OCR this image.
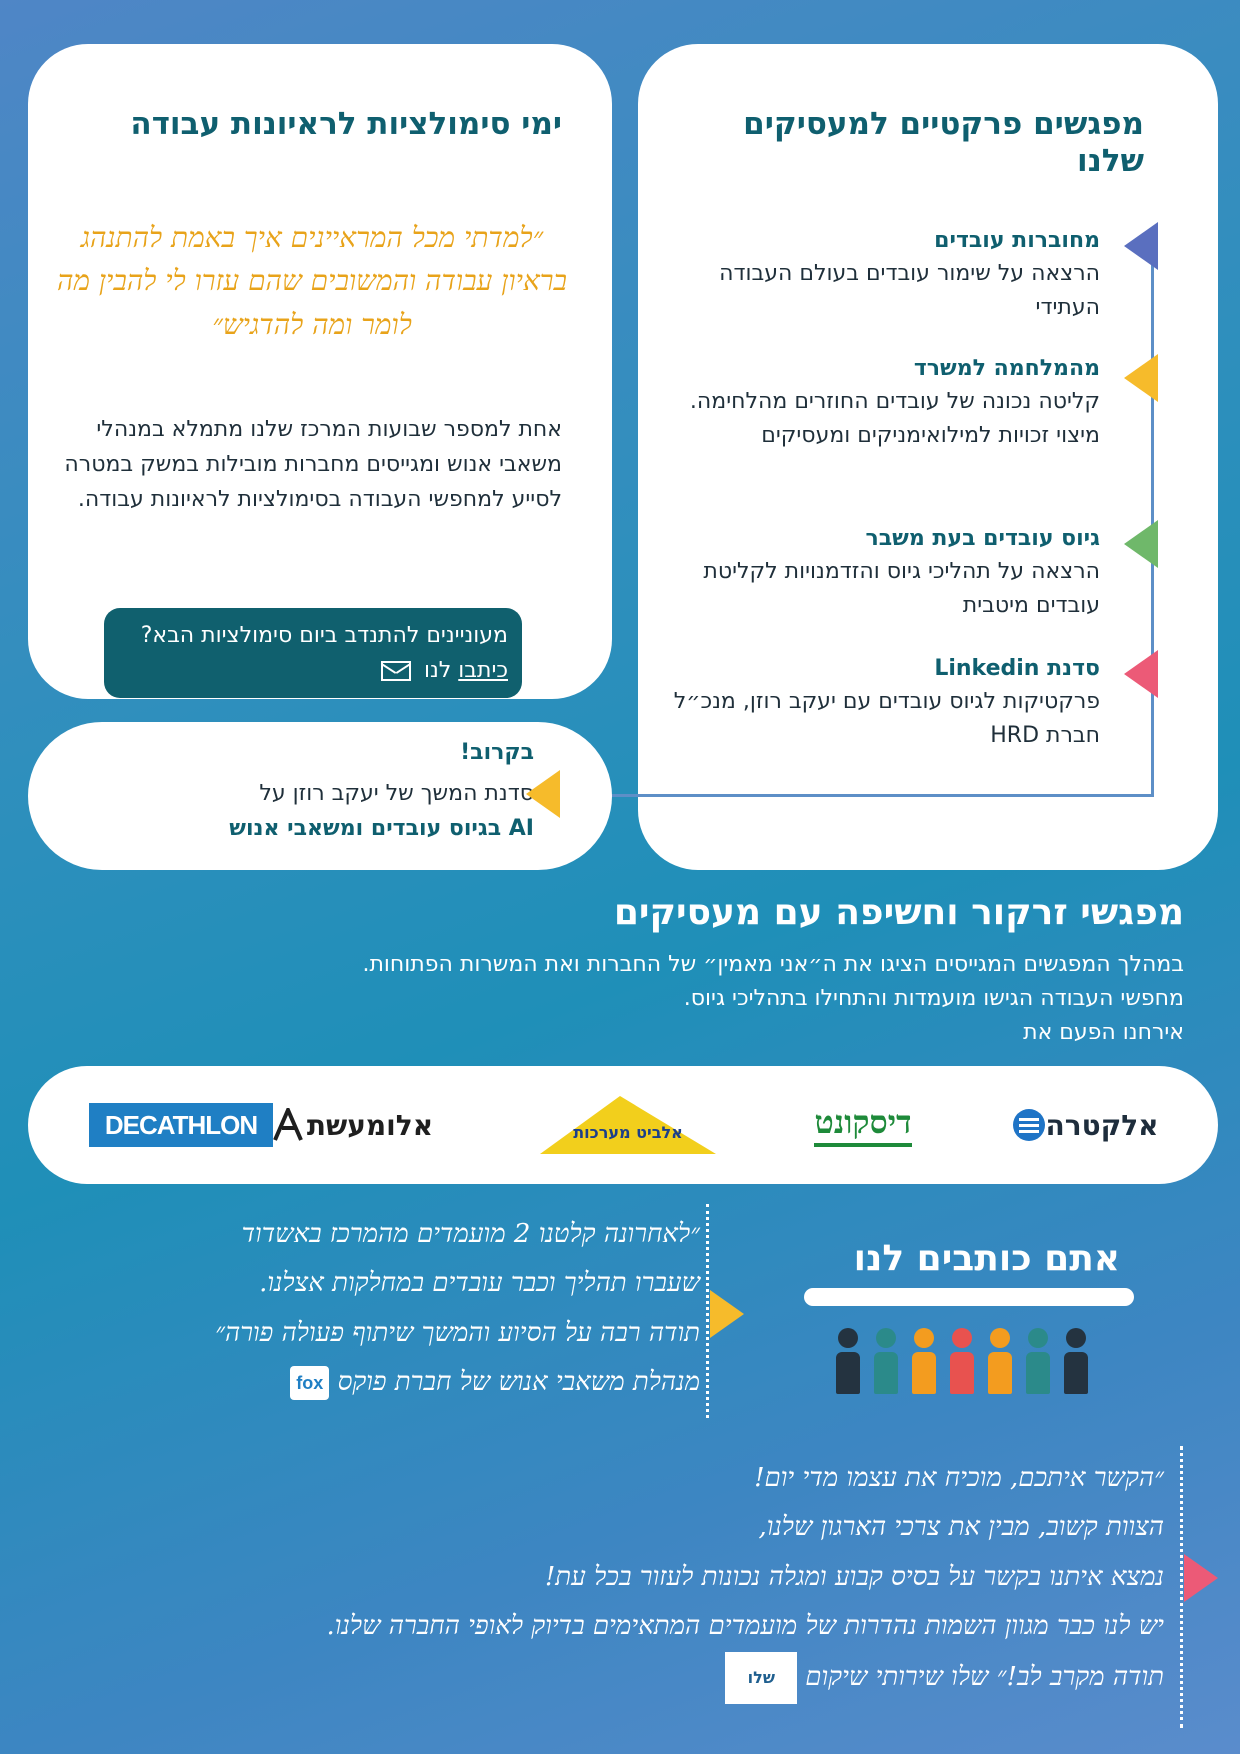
מפגשים פרקטיים למעסיקים שלנו
מחוברות עובדים
הרצאה על שימור עובדים בעולם העבודה העתידי
מהמלחמה למשרד
קליטה נכונה של עובדים החוזרים מהלחימה. מיצוי זכויות למילואימניקים ומעסיקים
גיוס עובדים בעת משבר
הרצאה על תהליכי גיוס והזדמנויות לקליטת עובדים מיטבית
סדנת Linkedin
פרקטיקות לגיוס עובדים עם יעקב רוזן, מנכ״ל חברת HRD
ימי סימולציות לראיונות עבודה
״למדתי מכל המראיינים איך באמת להתנהג בראיון עבודה והמשובים שהם עזרו לי להבין מה לומר ומה להדגיש״
אחת למספר שבועות המרכז שלנו מתמלא במנהלי משאבי אנוש ומגייסים מחברות מובילות במשק במטרה לסייע למחפשי העבודה בסימולציות לראיונות עבודה.
מעוניינים להתנדב ביום סימולציות הבא? כיתבו לנו
בקרוב!
סדנת המשך של יעקב רוזן על
AI בגיוס עובדים ומשאבי אנוש
מפגשי זרקור וחשיפה עם מעסיקים
במהלך המפגשים המגייסים הציגו את ה״אני מאמין״ של החברות ואת המשרות הפתוחות.
מחפשי העבודה הגישו מועמדות והתחילו בתהליכי גיוס.
אירחנו הפעם את
אלקטרה
דיסקונט
אלביט מערכות
אלומעשת
DECATHLON
אתם כותבים לנו
״לאחרונה קלטנו 2 מועמדים מהמרכז באשדוד
שעברו תהליך וכבר עובדים במחלקות אצלנו.
תודה רבה על הסיוע והמשך שיתוף פעולה פורה״
מנהלת משאבי אנוש של חברת פוקס fox
״הקשר איתכם, מוכיח את עצמו מדי יום!
הצוות קשוב, מבין את צרכי הארגון שלנו,
נמצא איתנו בקשר על בסיס קבוע ומגלה נכונות לעזור בכל עת!
יש לנו כבר מגוון השמות נהדרות של מועמדים המתאימים בדיוק לאופי החברה שלנו.
תודה מקרב לב!״ שלו שירותי שיקוםשלו
